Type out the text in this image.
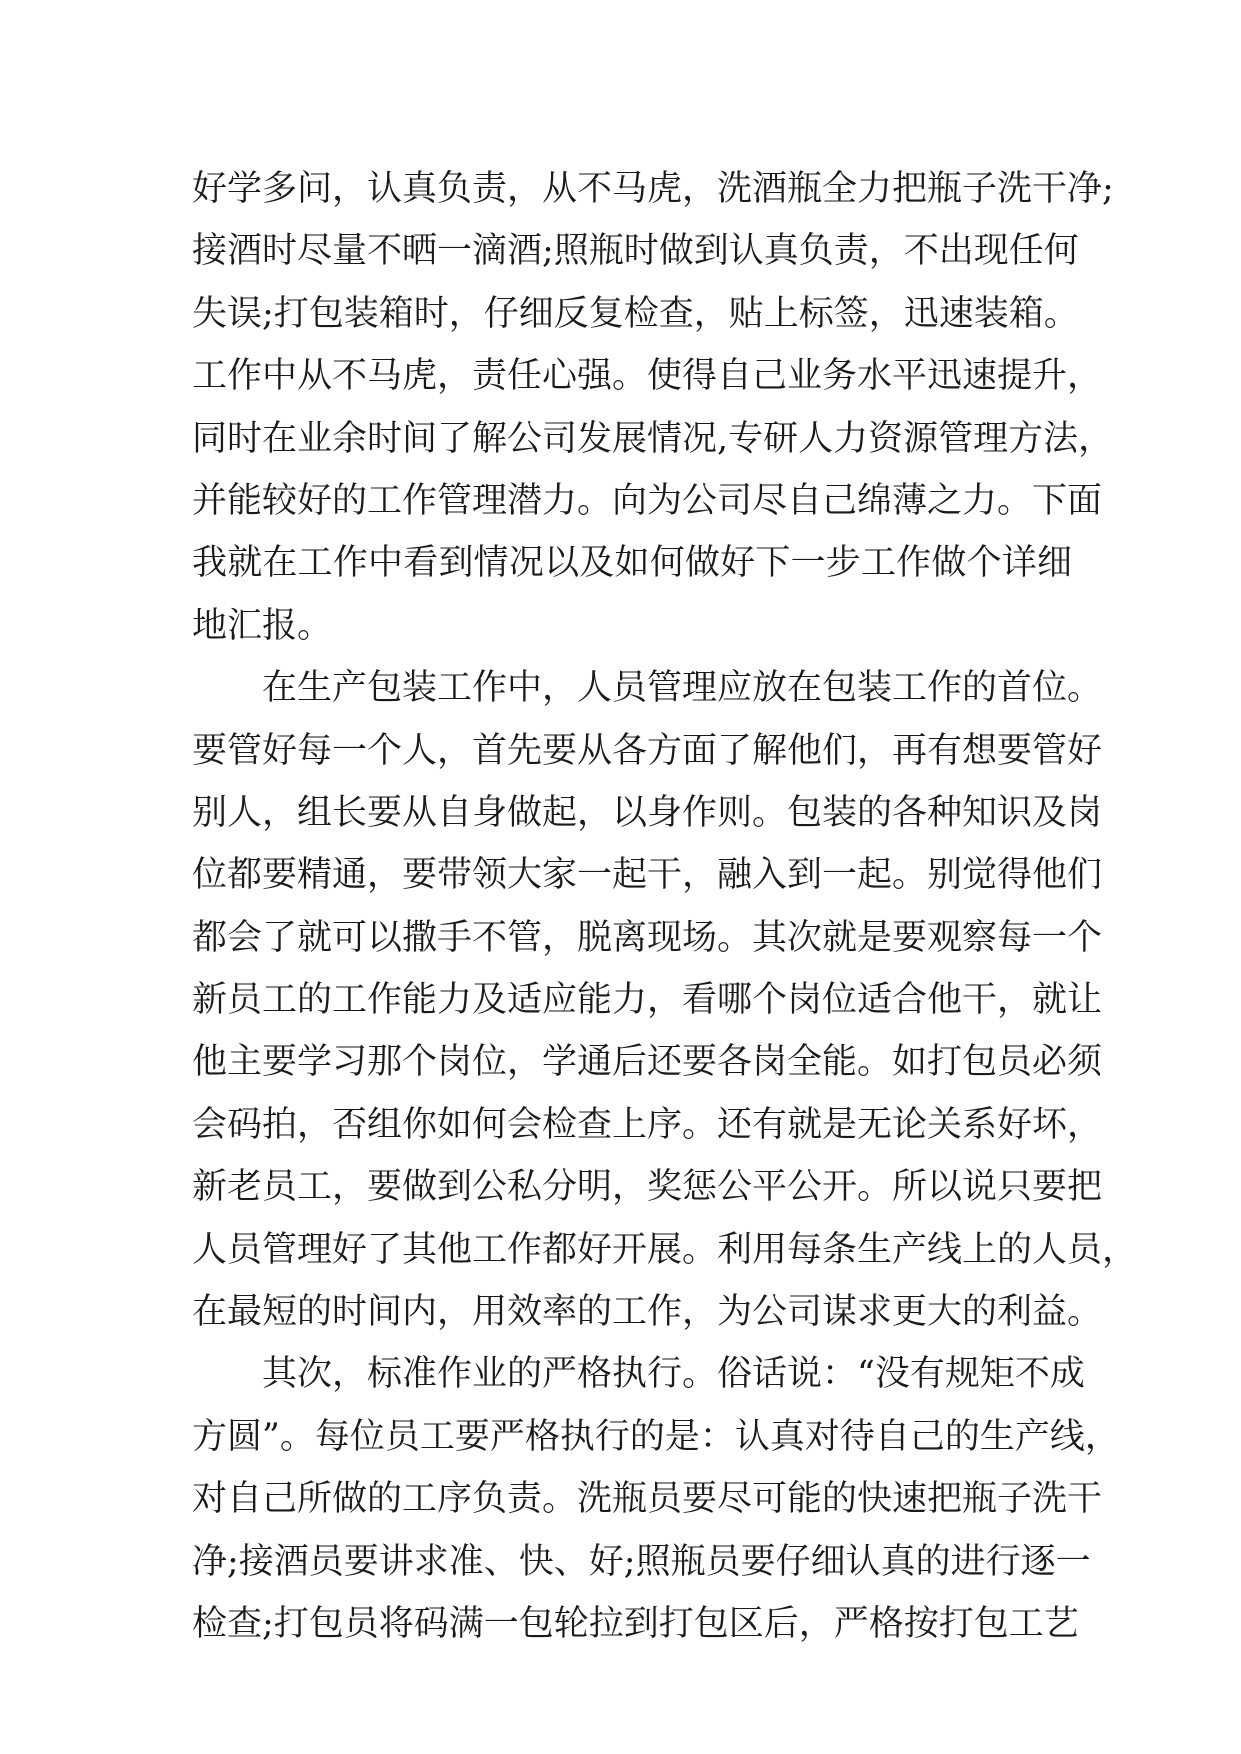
好学多问，认真负责，从不马虎，洗酒瓶全力把瓶子洗干净;
接酒时尽量不晒一滴酒;照瓶时做到认真负责，不出现任何
失误;打包装箱时，仔细反复检查，贴上标签，迅速装箱。
工作中从不马虎，责任心强。使得自己业务水平迅速提升，
同时在业余时间了解公司发展情况,专研人力资源管理方法，
并能较好的工作管理潜力。向为公司尽自己绵薄之力。下面
我就在工作中看到情况以及如何做好下一步工作做个详细
地汇报。
在生产包装工作中，人员管理应放在包装工作的首位。
要管好每一个人，首先要从各方面了解他们，再有想要管好
别人，组长要从自身做起，以身作则。包装的各种知识及岗
位都要精通，要带领大家一起干，融入到一起。别觉得他们
都会了就可以撒手不管，脱离现场。其次就是要观察每一个
新员工的工作能力及适应能力，看哪个岗位适合他干，就让
他主要学习那个岗位，学通后还要各岗全能。如打包员必须
会码拍，否组你如何会检查上序。还有就是无论关系好坏，
新老员工，要做到公私分明，奖惩公平公开。所以说只要把
人员管理好了其他工作都好开展。利用每条生产线上的人员，
在最短的时间内，用效率的工作，为公司谋求更大的利益。
其次，标准作业的严格执行。俗话说：“没有规矩不成
方圆”。每位员工要严格执行的是：认真对待自己的生产线，
对自己所做的工序负责。洗瓶员要尽可能的快速把瓶子洗干
净;接酒员要讲求准、快、好;照瓶员要仔细认真的进行逐一
检查;打包员将码满一包轮拉到打包区后，严格按打包工艺
